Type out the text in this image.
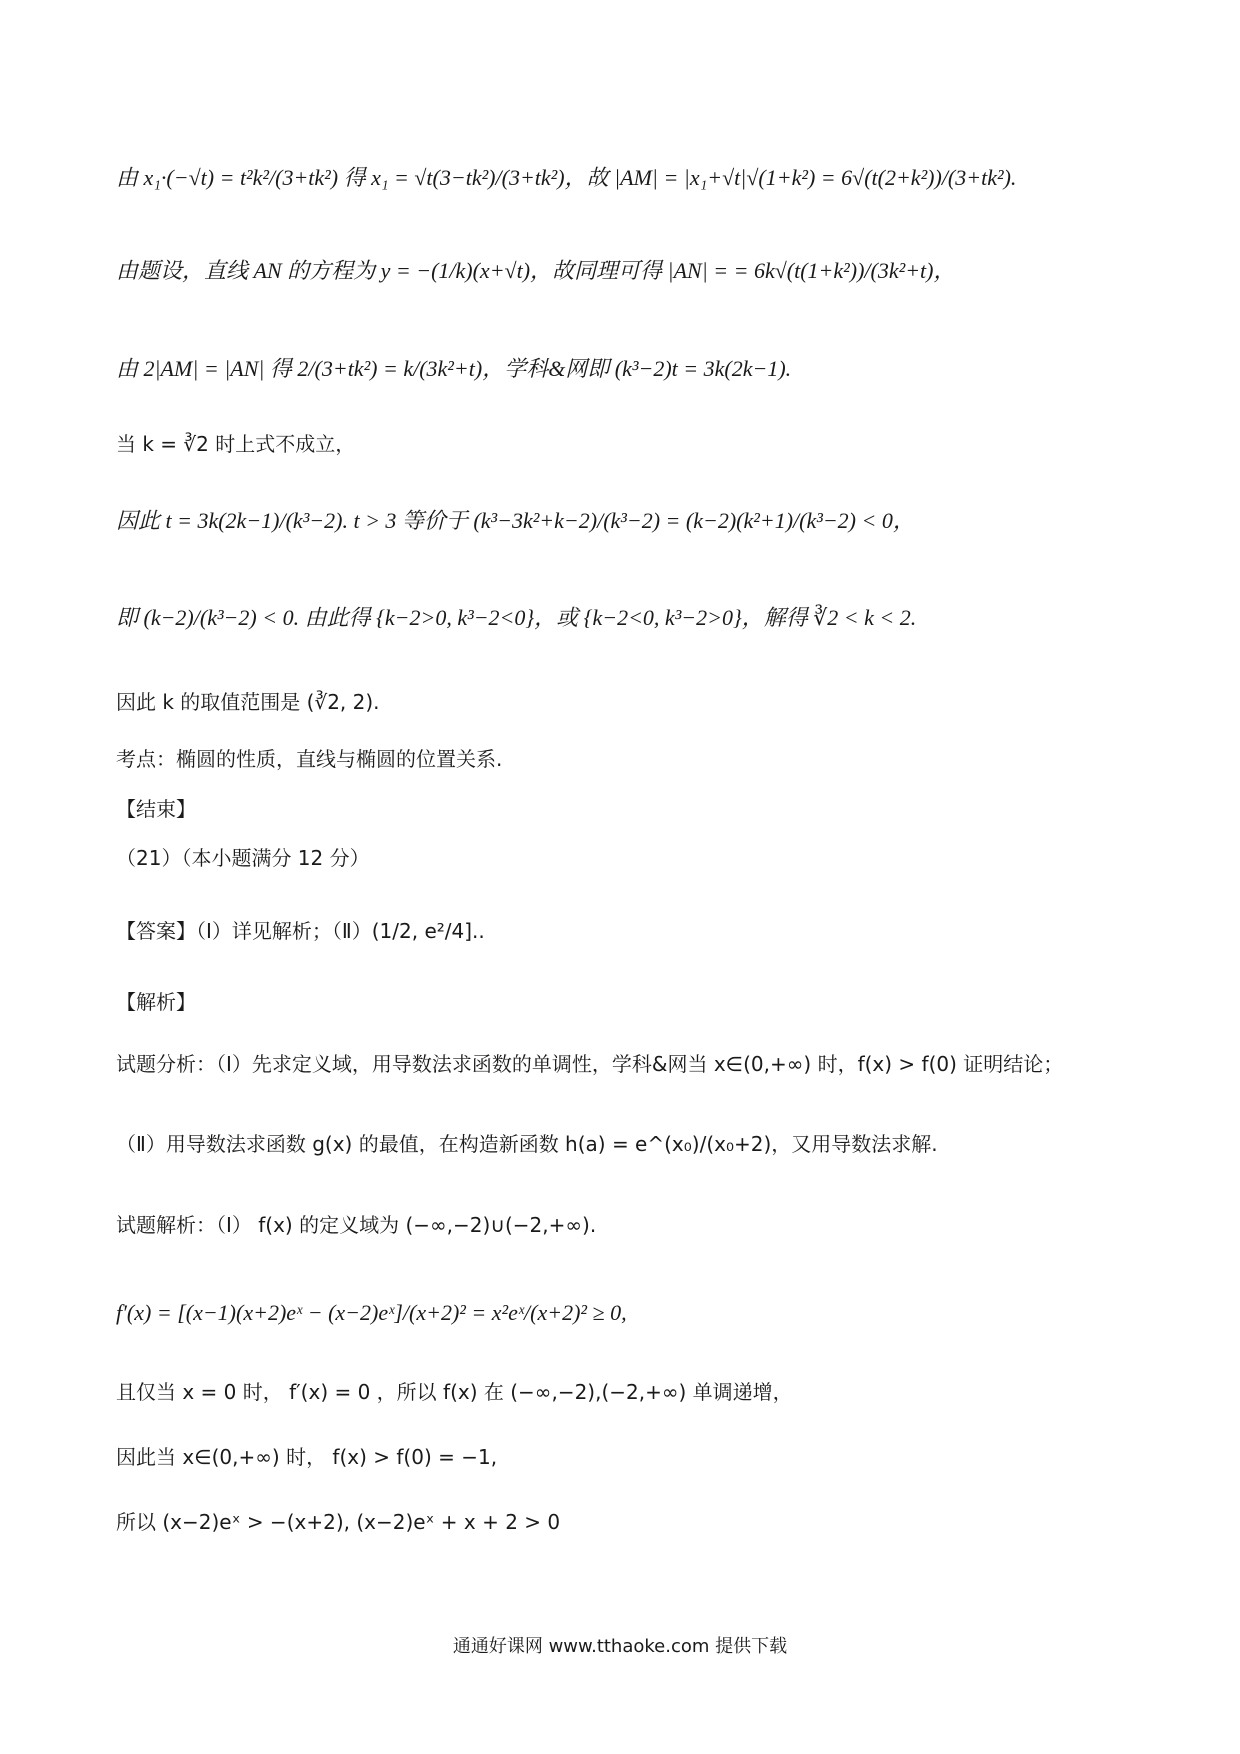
由 x₁·(−√t) = t²k²/(3+tk²) 得 x₁ = √t(3−tk²)/(3+tk²)，故 |AM| = |x₁+√t|√(1+k²) = 6√(t(2+k²))/(3+tk²).
由题设，直线 AN 的方程为 y = −(1/k)(x+√t)，故同理可得 |AN| = = 6k√(t(1+k²))/(3k²+t)，
由 2|AM| = |AN| 得 2/(3+tk²) = k/(3k²+t)，学科&网即 (k³−2)t = 3k(2k−1).
当 k = ∛2 时上式不成立，
因此 t = 3k(2k−1)/(k³−2). t > 3 等价于 (k³−3k²+k−2)/(k³−2) = (k−2)(k²+1)/(k³−2) < 0，
即 (k−2)/(k³−2) < 0. 由此得 {k−2>0, k³−2<0}，或 {k−2<0, k³−2>0}，解得 ∛2 < k < 2.
因此 k 的取值范围是 (∛2, 2).
考点：椭圆的性质，直线与椭圆的位置关系.
【结束】
（21）（本小题满分 12 分）
【答案】（Ⅰ）详见解析；（Ⅱ）(1/2, e²/4]..
【解析】
试题分析：（Ⅰ）先求定义域，用导数法求函数的单调性，学科&网当 x∈(0,+∞) 时，f(x) > f(0) 证明结论；
（Ⅱ）用导数法求函数 g(x) 的最值，在构造新函数 h(a) = e^(x₀)/(x₀+2)，又用导数法求解.
试题解析：（Ⅰ） f(x) 的定义域为 (−∞,−2)∪(−2,+∞).
f′(x) = [(x−1)(x+2)eˣ − (x−2)eˣ]/(x+2)² = x²eˣ/(x+2)² ≥ 0,
且仅当 x = 0 时， f′(x) = 0 ，所以 f(x) 在 (−∞,−2),(−2,+∞) 单调递增，
因此当 x∈(0,+∞) 时， f(x) > f(0) = −1,
所以 (x−2)eˣ > −(x+2), (x−2)eˣ + x + 2 > 0
通通好课网 www.tthaoke.com 提供下载
